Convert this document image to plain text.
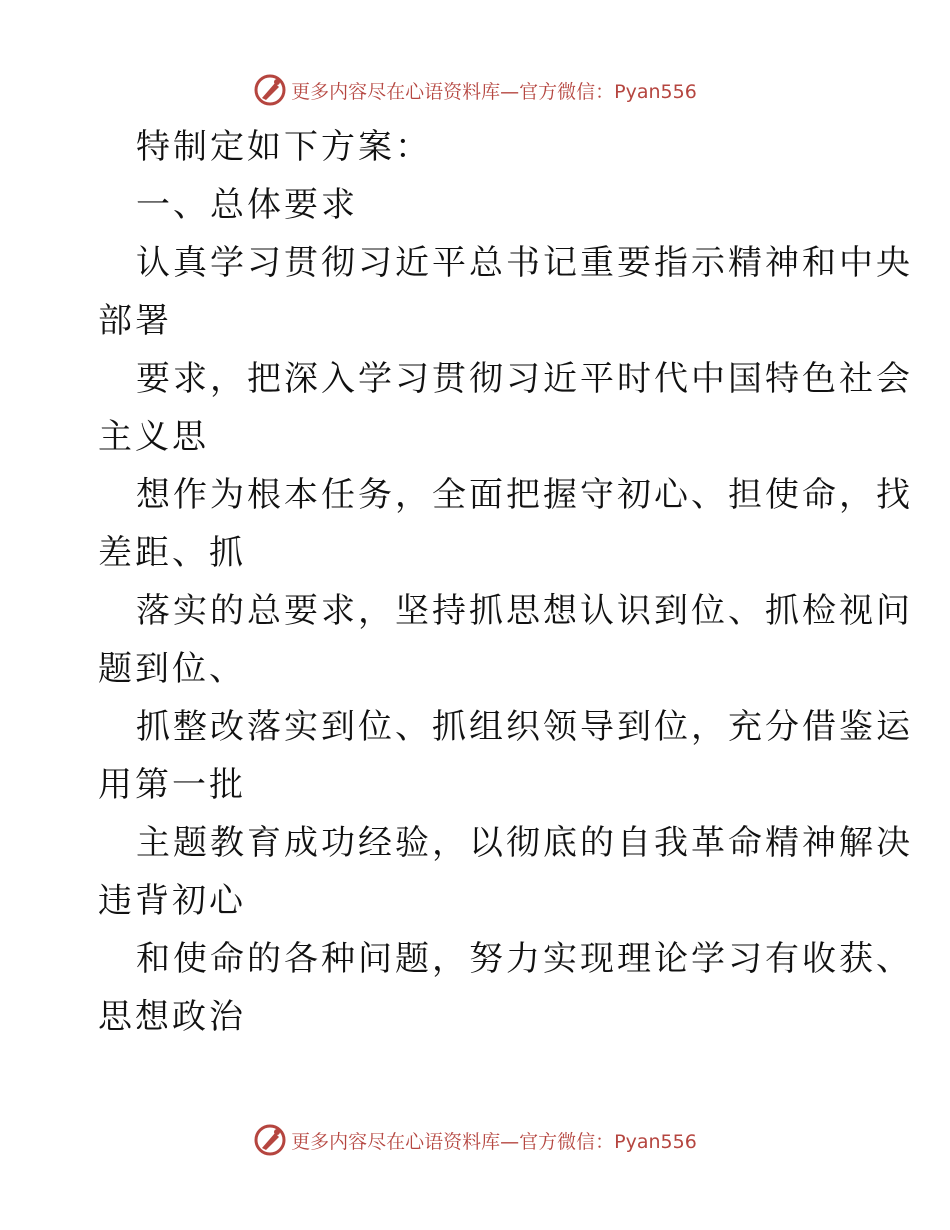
更多内容尽在心语资料库—官方微信：Pyan556
特制定如下方案：
一、总体要求
认真学习贯彻习近平总书记重要指示精神和中央
部署
要求，把深入学习贯彻习近平时代中国特色社会
主义思
想作为根本任务，全面把握守初心、担使命，找
差距、抓
落实的总要求，坚持抓思想认识到位、抓检视问
题到位、
抓整改落实到位、抓组织领导到位，充分借鉴运
用第一批
主题教育成功经验，以彻底的自我革命精神解决
违背初心
和使命的各种问题，努力实现理论学习有收获、
思想政治
更多内容尽在心语资料库—官方微信：Pyan556
